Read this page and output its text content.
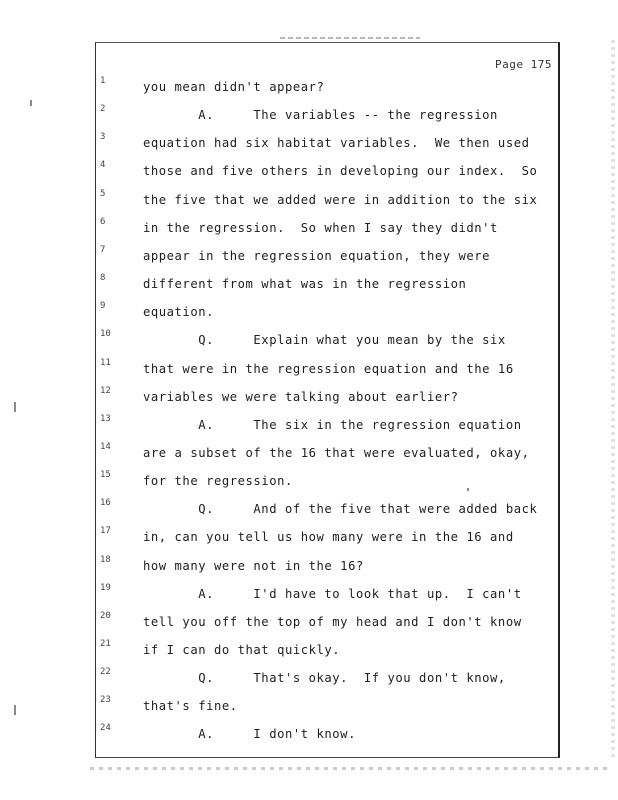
Page 175
1	you mean didn't appear?
2	A.     The variables -- the regression
3	equation had six habitat variables.  We then used
4	those and five others in developing our index.  So
5	the five that we added were in addition to the six
6	in the regression.  So when I say they didn't
7	appear in the regression equation, they were
8	different from what was in the regression
9	equation.
10	Q.     Explain what you mean by the six
11	that were in the regression equation and the 16
12	variables we were talking about earlier?
13	A.     The six in the regression equation
14	are a subset of the 16 that were evaluated, okay,
15	for the regression.
16	Q.     And of the five that were added back
17	in, can you tell us how many were in the 16 and
18	how many were not in the 16?
19	A.     I'd have to look that up.  I can't
20	tell you off the top of my head and I don't know
21	if I can do that quickly.
22	Q.     That's okay.  If you don't know,
23	that's fine.
24	A.     I don't know.
